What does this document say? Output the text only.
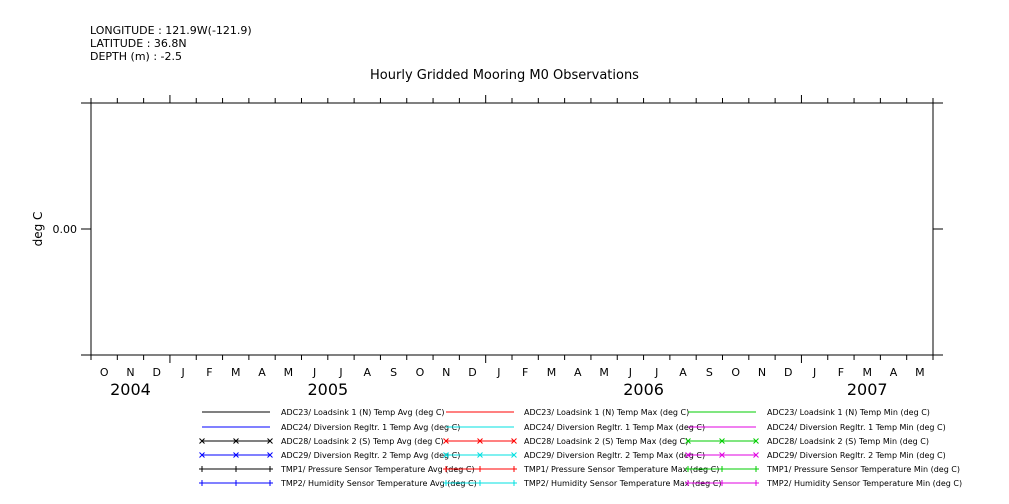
LONGITUDE : 121.9W(-121.9)
LATITUDE : 36.8N
DEPTH (m) : -2.5
Hourly Gridded Mooring M0 Observations
O N D J F M A M J J A S O N D J F M A M J J A S O N D J F M A M
2004	2005	2006	2007
0.00
deg C
ADC23/ Loadsink 1 (N) Temp Avg (deg C)	ADC23/ Loadsink 1 (N) Temp Max (deg C)	ADC23/ Loadsink 1 (N) Temp Min (deg C)
ADC24/ Diversion Regltr. 1 Temp Avg (deg C)	ADC24/ Diversion Regltr. 1 Temp Max (deg C)	ADC24/ Diversion Regltr. 1 Temp Min (deg C)
ADC28/ Loadsink 2 (S) Temp Avg (deg C)	ADC28/ Loadsink 2 (S) Temp Max (deg C)	ADC28/ Loadsink 2 (S) Temp Min (deg C)
ADC29/ Diversion Regltr. 2 Temp Avg (deg C)	ADC29/ Diversion Regltr. 2 Temp Max (deg C)	ADC29/ Diversion Regltr. 2 Temp Min (deg C)
TMP1/ Pressure Sensor Temperature Avg (deg C)	TMP1/ Pressure Sensor Temperature Max (deg C)	TMP1/ Pressure Sensor Temperature Min (deg C)
TMP2/ Humidity Sensor Temperature Avg (deg C)	TMP2/ Humidity Sensor Temperature Max (deg C)	TMP2/ Humidity Sensor Temperature Min (deg C)
